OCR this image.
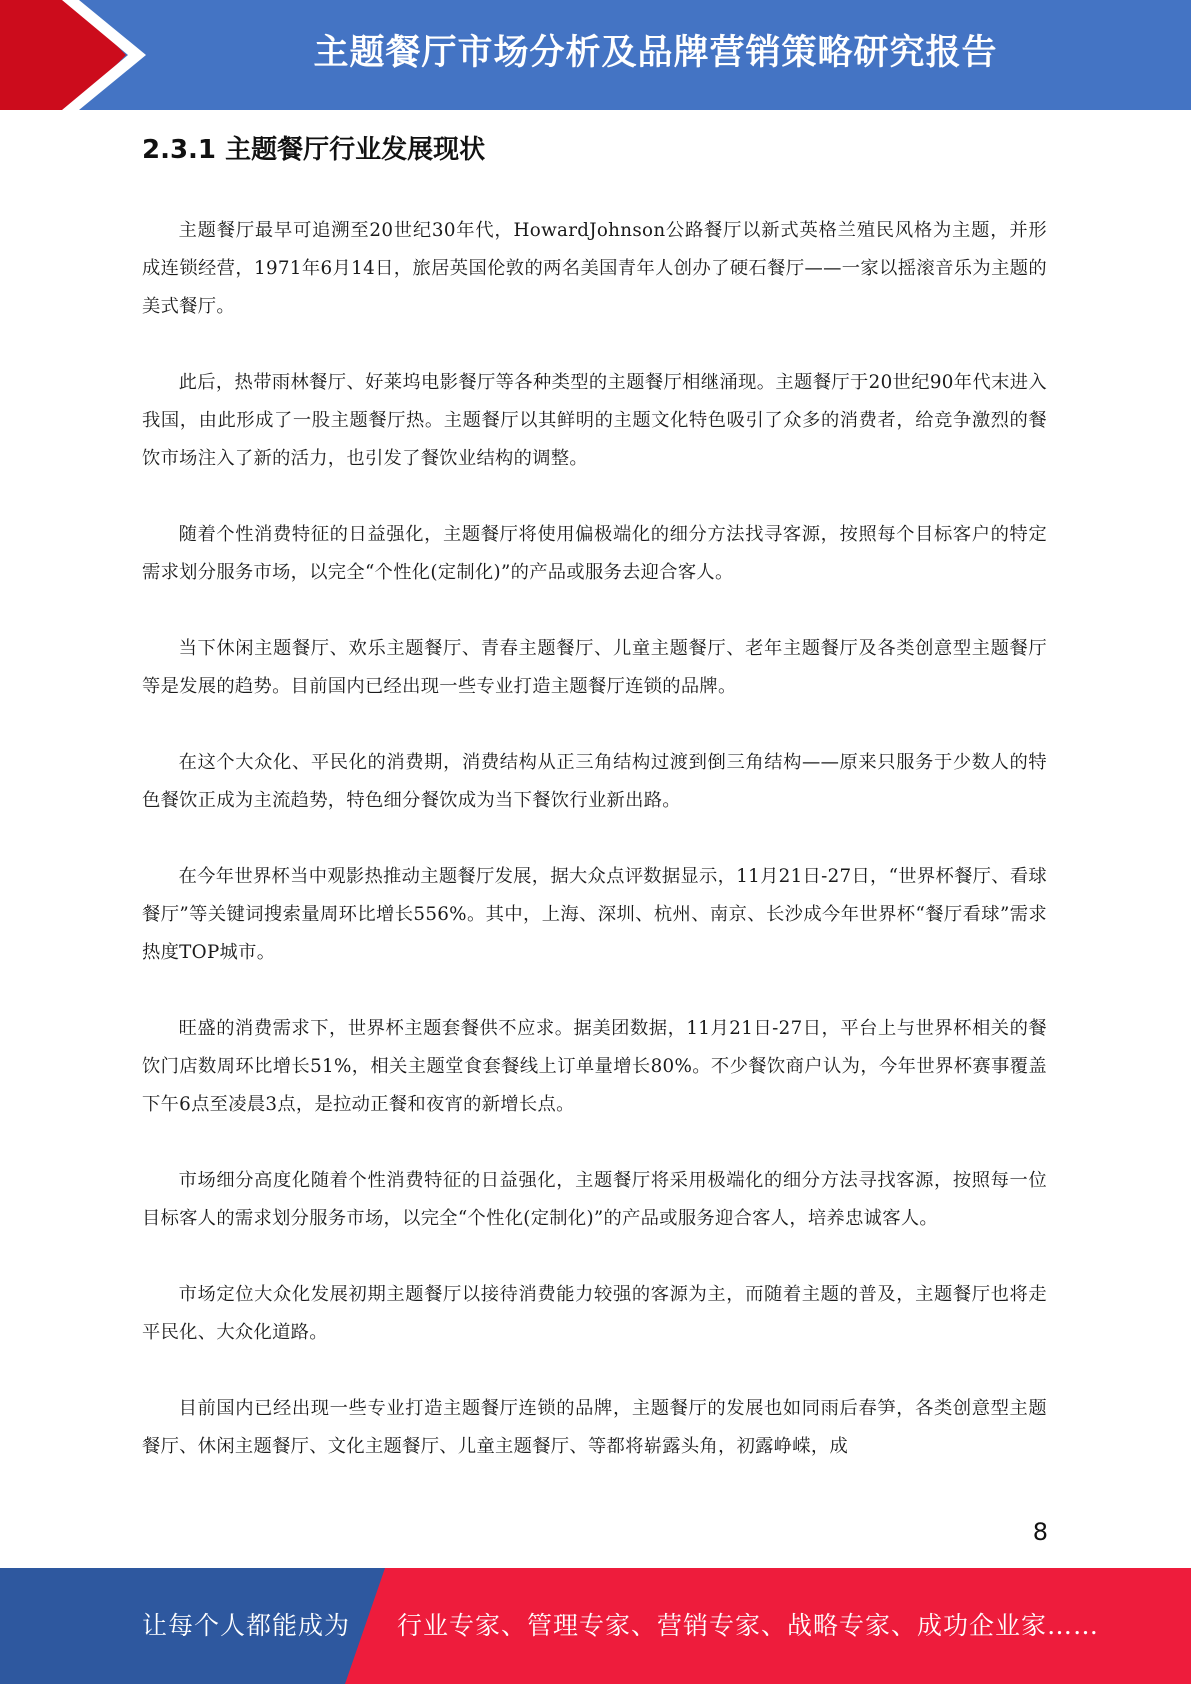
主题餐厅市场分析及品牌营销策略研究报告
2.3.1 主题餐厅行业发展现状

主题餐厅最早可追溯至20世纪30年代，HowardJohnson公路餐厅以新式英格兰殖民风格为主题，并形成连锁经营，1971年6月14日，旅居英国伦敦的两名美国青年人创办了硬石餐厅——一家以摇滚音乐为主题的美式餐厅。

此后，热带雨林餐厅、好莱坞电影餐厅等各种类型的主题餐厅相继涌现。主题餐厅于20世纪90年代末进入我国，由此形成了一股主题餐厅热。主题餐厅以其鲜明的主题文化特色吸引了众多的消费者，给竞争激烈的餐饮市场注入了新的活力，也引发了餐饮业结构的调整。

随着个性消费特征的日益强化，主题餐厅将使用偏极端化的细分方法找寻客源，按照每个目标客户的特定需求划分服务市场，以完全“个性化(定制化)”的产品或服务去迎合客人。

当下休闲主题餐厅、欢乐主题餐厅、青春主题餐厅、儿童主题餐厅、老年主题餐厅及各类创意型主题餐厅等是发展的趋势。目前国内已经出现一些专业打造主题餐厅连锁的品牌。

在这个大众化、平民化的消费期，消费结构从正三角结构过渡到倒三角结构——原来只服务于少数人的特色餐饮正成为主流趋势，特色细分餐饮成为当下餐饮行业新出路。

在今年世界杯当中观影热推动主题餐厅发展，据大众点评数据显示，11月21日-27日，“世界杯餐厅、看球餐厅”等关键词搜索量周环比增长556%。其中，上海、深圳、杭州、南京、长沙成今年世界杯“餐厅看球”需求热度TOP城市。

旺盛的消费需求下，世界杯主题套餐供不应求。据美团数据，11月21日-27日，平台上与世界杯相关的餐饮门店数周环比增长51%，相关主题堂食套餐线上订单量增长80%。不少餐饮商户认为，今年世界杯赛事覆盖下午6点至凌晨3点，是拉动正餐和夜宵的新增长点。

市场细分高度化随着个性消费特征的日益强化，主题餐厅将采用极端化的细分方法寻找客源，按照每一位目标客人的需求划分服务市场，以完全“个性化(定制化)”的产品或服务迎合客人，培养忠诚客人。

市场定位大众化发展初期主题餐厅以接待消费能力较强的客源为主，而随着主题的普及，主题餐厅也将走平民化、大众化道路。

目前国内已经出现一些专业打造主题餐厅连锁的品牌，主题餐厅的发展也如同雨后春笋，各类创意型主题餐厅、休闲主题餐厅、文化主题餐厅、儿童主题餐厅、等都将崭露头角，初露峥嵘，成

8
让每个人都能成为 行业专家、管理专家、营销专家、战略专家、成功企业家……
